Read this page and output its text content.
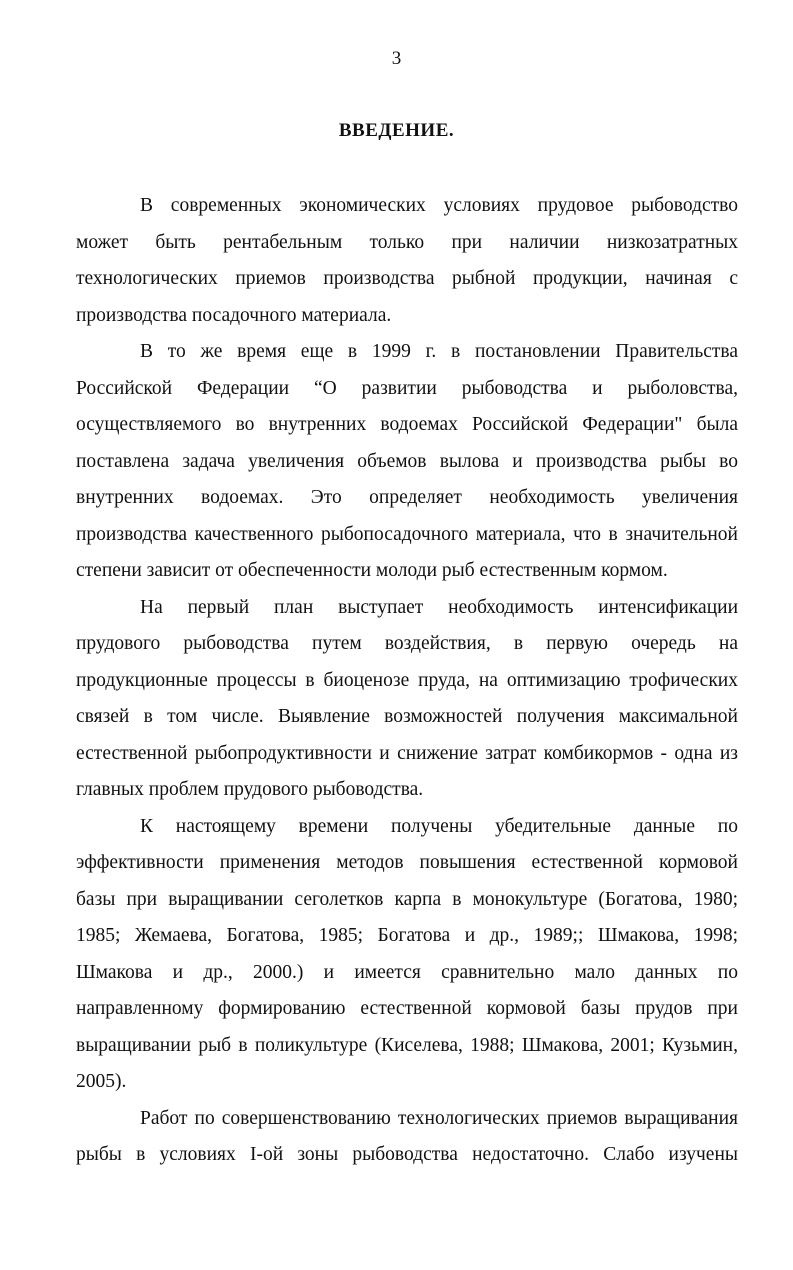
3
ВВЕДЕНИЕ.
В современных экономических условиях прудовое рыбоводство
может быть рентабельным только при наличии низкозатратных
технологических приемов производства рыбной продукции, начиная с
производства посадочного материала.
В то же время еще в 1999 г. в постановлении Правительства
Российской Федерации “О развитии рыбоводства и рыболовства,
осуществляемого во внутренних водоемах Российской Федерации" была
поставлена задача увеличения объемов вылова и производства рыбы во
внутренних водоемах. Это определяет необходимость увеличения
производства качественного рыбопосадочного материала, что в значительной
степени зависит от обеспеченности молоди рыб естественным кормом.
На первый план выступает необходимость интенсификации
прудового рыбоводства путем воздействия, в первую очередь на
продукционные процессы в биоценозе пруда, на оптимизацию трофических
связей в том числе. Выявление возможностей получения максимальной
естественной рыбопродуктивности и снижение затрат комбикормов - одна из
главных проблем прудового рыбоводства.
К настоящему времени получены убедительные данные по
эффективности применения методов повышения естественной кормовой
базы при выращивании сеголетков карпа в монокультуре (Богатова, 1980;
1985; Жемаева, Богатова, 1985; Богатова и др., 1989;; Шмакова, 1998;
Шмакова и др., 2000.) и имеется сравнительно мало данных по
направленному формированию естественной кормовой базы прудов при
выращивании рыб в поликультуре (Киселева, 1988; Шмакова, 2001; Кузьмин,
2005).
Работ по совершенствованию технологических приемов выращивания
рыбы в условиях I-ой зоны рыбоводства недостаточно. Слабо изучены
